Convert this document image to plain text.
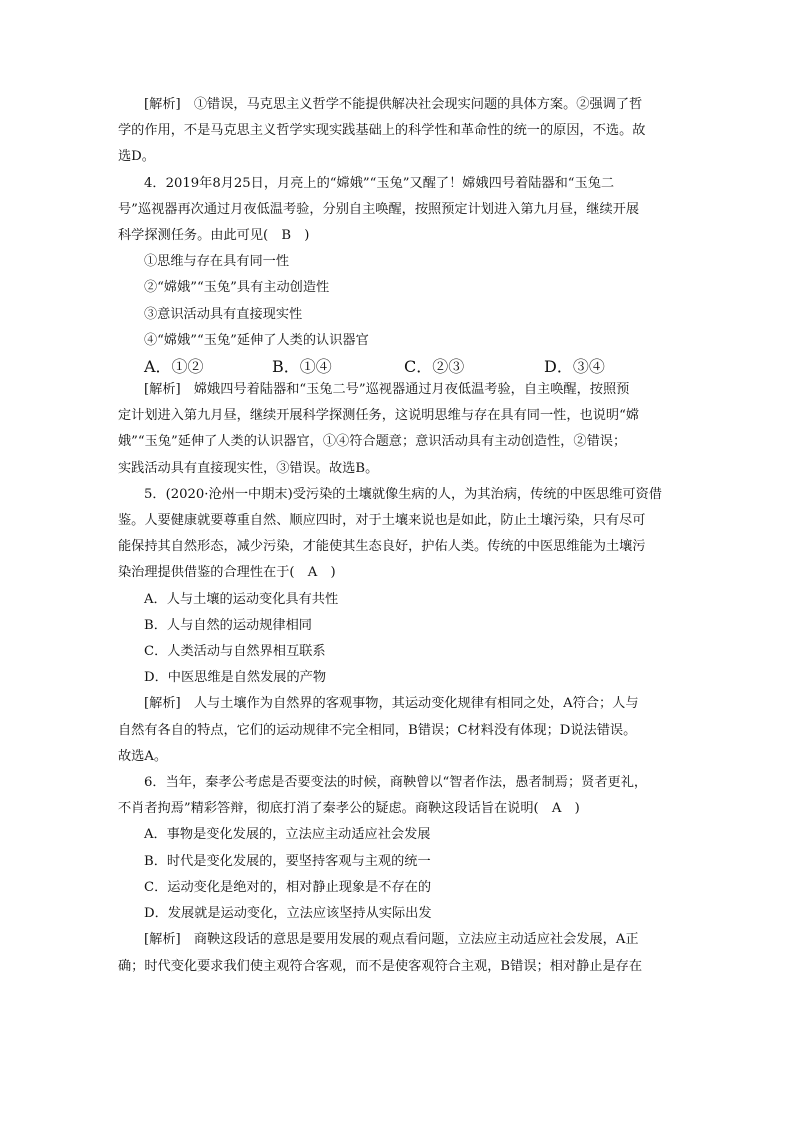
[解析]　①错误，马克思主义哲学不能提供解决社会现实问题的具体方案。②强调了哲

学的作用，不是马克思主义哲学实现实践基础上的科学性和革命性的统一的原因，不选。故

选D。

4．2019年8月25日，月亮上的“嫦娥”“玉兔”又醒了！嫦娥四号着陆器和“玉兔二

号”巡视器再次通过月夜低温考验，分别自主唤醒，按照预定计划进入第九月昼，继续开展

科学探测任务。由此可见(　B　)

①思维与存在具有同一性

②“嫦娥”“玉兔”具有主动创造性

③意识活动具有直接现实性

④“嫦娥”“玉兔”延伸了人类的认识器官

A．①②	B．①④	C．②③	D．③④

[解析]　嫦娥四号着陆器和“玉兔二号”巡视器通过月夜低温考验，自主唤醒，按照预

定计划进入第九月昼，继续开展科学探测任务，这说明思维与存在具有同一性，也说明“嫦

娥”“玉兔”延伸了人类的认识器官，①④符合题意；意识活动具有主动创造性，②错误；

实践活动具有直接现实性，③错误。故选B。

5．(2020·沧州一中期末)受污染的土壤就像生病的人，为其治病，传统的中医思维可资借

鉴。人要健康就要尊重自然、顺应四时，对于土壤来说也是如此，防止土壤污染，只有尽可

能保持其自然形态，减少污染，才能使其生态良好，护佑人类。传统的中医思维能为土壤污

染治理提供借鉴的合理性在于(　A　)

A．人与土壤的运动变化具有共性

B．人与自然的运动规律相同

C．人类活动与自然界相互联系

D．中医思维是自然发展的产物

[解析]　人与土壤作为自然界的客观事物，其运动变化规律有相同之处，A符合；人与

自然有各自的特点，它们的运动规律不完全相同，B错误；C材料没有体现；D说法错误。

故选A。

6．当年，秦孝公考虑是否要变法的时候，商鞅曾以“智者作法，愚者制焉；贤者更礼，

不肖者拘焉”精彩答辩，彻底打消了秦孝公的疑虑。商鞅这段话旨在说明(　A　)

A．事物是变化发展的，立法应主动适应社会发展

B．时代是变化发展的，要坚持客观与主观的统一

C．运动变化是绝对的，相对静止现象是不存在的

D．发展就是运动变化，立法应该坚持从实际出发

[解析]　商鞅这段话的意思是要用发展的观点看问题，立法应主动适应社会发展，A正

确；时代变化要求我们使主观符合客观，而不是使客观符合主观，B错误；相对静止是存在
